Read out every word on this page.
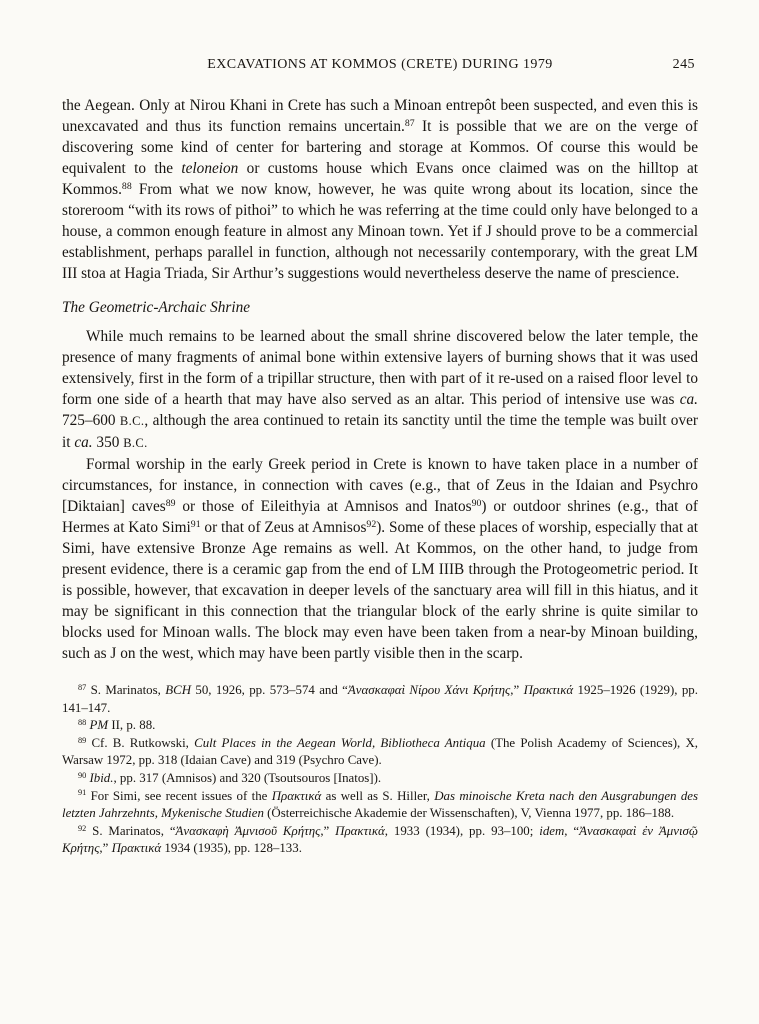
EXCAVATIONS AT KOMMOS (CRETE) DURING 1979	245

the Aegean. Only at Nirou Khani in Crete has such a Minoan entrepôt been suspected, and even this is unexcavated and thus its function remains uncertain.$^{87}$ It is possible that we are on the verge of discovering some kind of center for bartering and storage at Kommos. Of course this would be equivalent to the teloneion or customs house which Evans once claimed was on the hilltop at Kommos.$^{88}$ From what we now know, however, he was quite wrong about its location, since the storeroom “with its rows of pithoi” to which he was referring at the time could only have belonged to a house, a common enough feature in almost any Minoan town. Yet if J should prove to be a commercial establishment, perhaps parallel in function, although not necessarily contemporary, with the great LM III stoa at Hagia Triada, Sir Arthur’s suggestions would nevertheless deserve the name of prescience.

The Geometric-Archaic Shrine

While much remains to be learned about the small shrine discovered below the later temple, the presence of many fragments of animal bone within extensive layers of burning shows that it was used extensively, first in the form of a tripillar structure, then with part of it re-used on a raised floor level to form one side of a hearth that may have also served as an altar. This period of intensive use was ca. 725–600 B.C., although the area continued to retain its sanctity until the time the temple was built over it ca. 350 B.C.

Formal worship in the early Greek period in Crete is known to have taken place in a number of circumstances, for instance, in connection with caves (e.g., that of Zeus in the Idaian and Psychro [Diktaian] caves$^{89}$ or those of Eileithyia at Amnisos and Inatos$^{90}$) or outdoor shrines (e.g., that of Hermes at Kato Simi$^{91}$ or that of Zeus at Amnisos$^{92}$). Some of these places of worship, especially that at Simi, have extensive Bronze Age remains as well. At Kommos, on the other hand, to judge from present evidence, there is a ceramic gap from the end of LM IIIB through the Protogeometric period. It is possible, however, that excavation in deeper levels of the sanctuary area will fill in this hiatus, and it may be significant in this connection that the triangular block of the early shrine is quite similar to blocks used for Minoan walls. The block may even have been taken from a near-by Minoan building, such as J on the west, which may have been partly visible then in the scarp.

$^{87}$ S. Marinatos, BCH 50, 1926, pp. 573–574 and “Ἀνασκαφαὶ Νίρου Χάνι Κρήτης,” Πρακτικά 1925–1926 (1929), pp. 141–147.

$^{88}$ PM II, p. 88.

$^{89}$ Cf. B. Rutkowski, Cult Places in the Aegean World, Bibliotheca Antiqua (The Polish Academy of Sciences), X, Warsaw 1972, pp. 318 (Idaian Cave) and 319 (Psychro Cave).

$^{90}$ Ibid., pp. 317 (Amnisos) and 320 (Tsoutsouros [Inatos]).

$^{91}$ For Simi, see recent issues of the Πρακτικά as well as S. Hiller, Das minoische Kreta nach den Ausgrabungen des letzten Jahrzehnts, Mykenische Studien (Österreichische Akademie der Wissenschaften), V, Vienna 1977, pp. 186–188.

$^{92}$ S. Marinatos, “Ἀνασκαφὴ Ἀμνισοῦ Κρήτης,” Πρακτικά, 1933 (1934), pp. 93–100; idem, “Ἀνασκαφαὶ ἐν Ἀμνισῷ Κρήτης,” Πρακτικά 1934 (1935), pp. 128–133.
